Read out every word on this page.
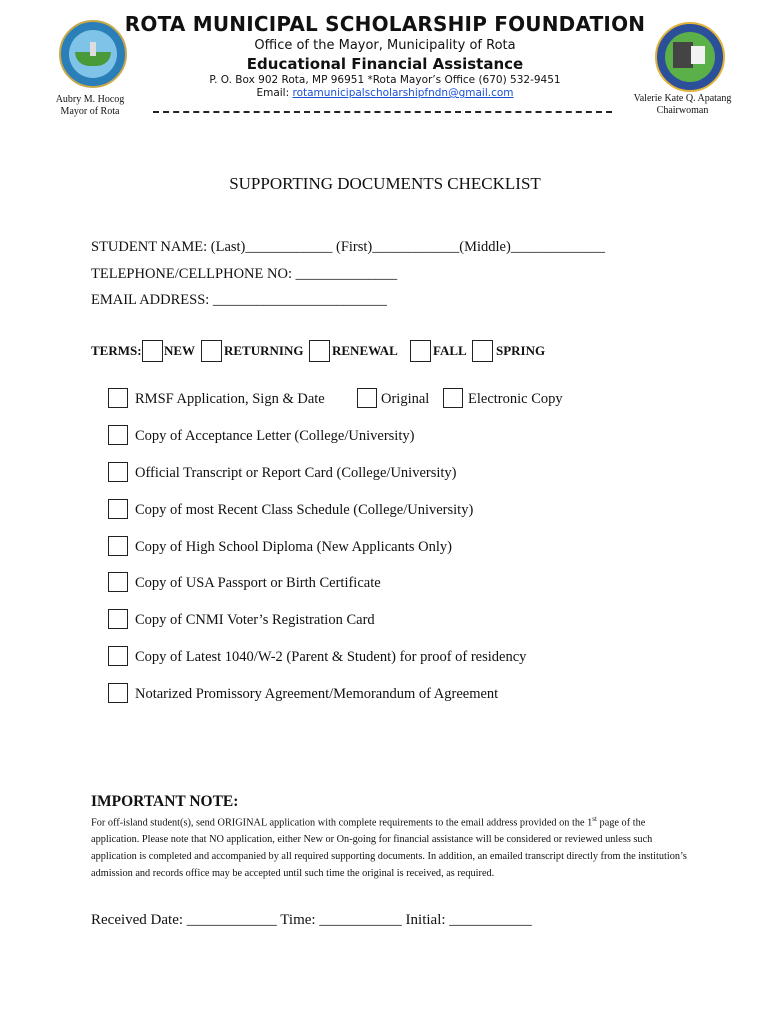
ROTA MUNICIPAL SCHOLARSHIP FOUNDATION
Office of the Mayor, Municipality of Rota
Educational Financial Assistance
P. O. Box 902 Rota, MP 96951 *Rota Mayor’s Office (670) 532-9451
Email: rotamunicipalscholarshipfndn@gmail.com
Aubry M. Hocog
Mayor of Rota
Valerie Kate Q. Apatang
Chairwoman
SUPPORTING DOCUMENTS CHECKLIST
STUDENT NAME: (Last)____________ (First)____________(Middle)_____________
TELEPHONE/CELLPHONE NO: ______________
EMAIL ADDRESS: ________________________
TERMS: NEW RETURNING RENEWAL	FALL SPRING
RMSF Application, Sign & Date	Original	Electronic Copy
Copy of Acceptance Letter (College/University)
Official Transcript or Report Card (College/University)
Copy of most Recent Class Schedule (College/University)
Copy of High School Diploma (New Applicants Only)
Copy of USA Passport or Birth Certificate
Copy of CNMI Voter’s Registration Card
Copy of Latest 1040/W-2 (Parent & Student) for proof of residency
Notarized Promissory Agreement/Memorandum of Agreement
IMPORTANT NOTE:
For off-island student(s), send ORIGINAL application with complete requirements to the email address provided on the 1st page of the application. Please note that NO application, either New or On-going for financial assistance will be considered or reviewed unless such application is completed and accompanied by all required supporting documents. In addition, an emailed transcript directly from the institution’s admission and records office may be accepted until such time the original is received, as required.
Received Date: ____________ Time: ___________ Initial: ___________
